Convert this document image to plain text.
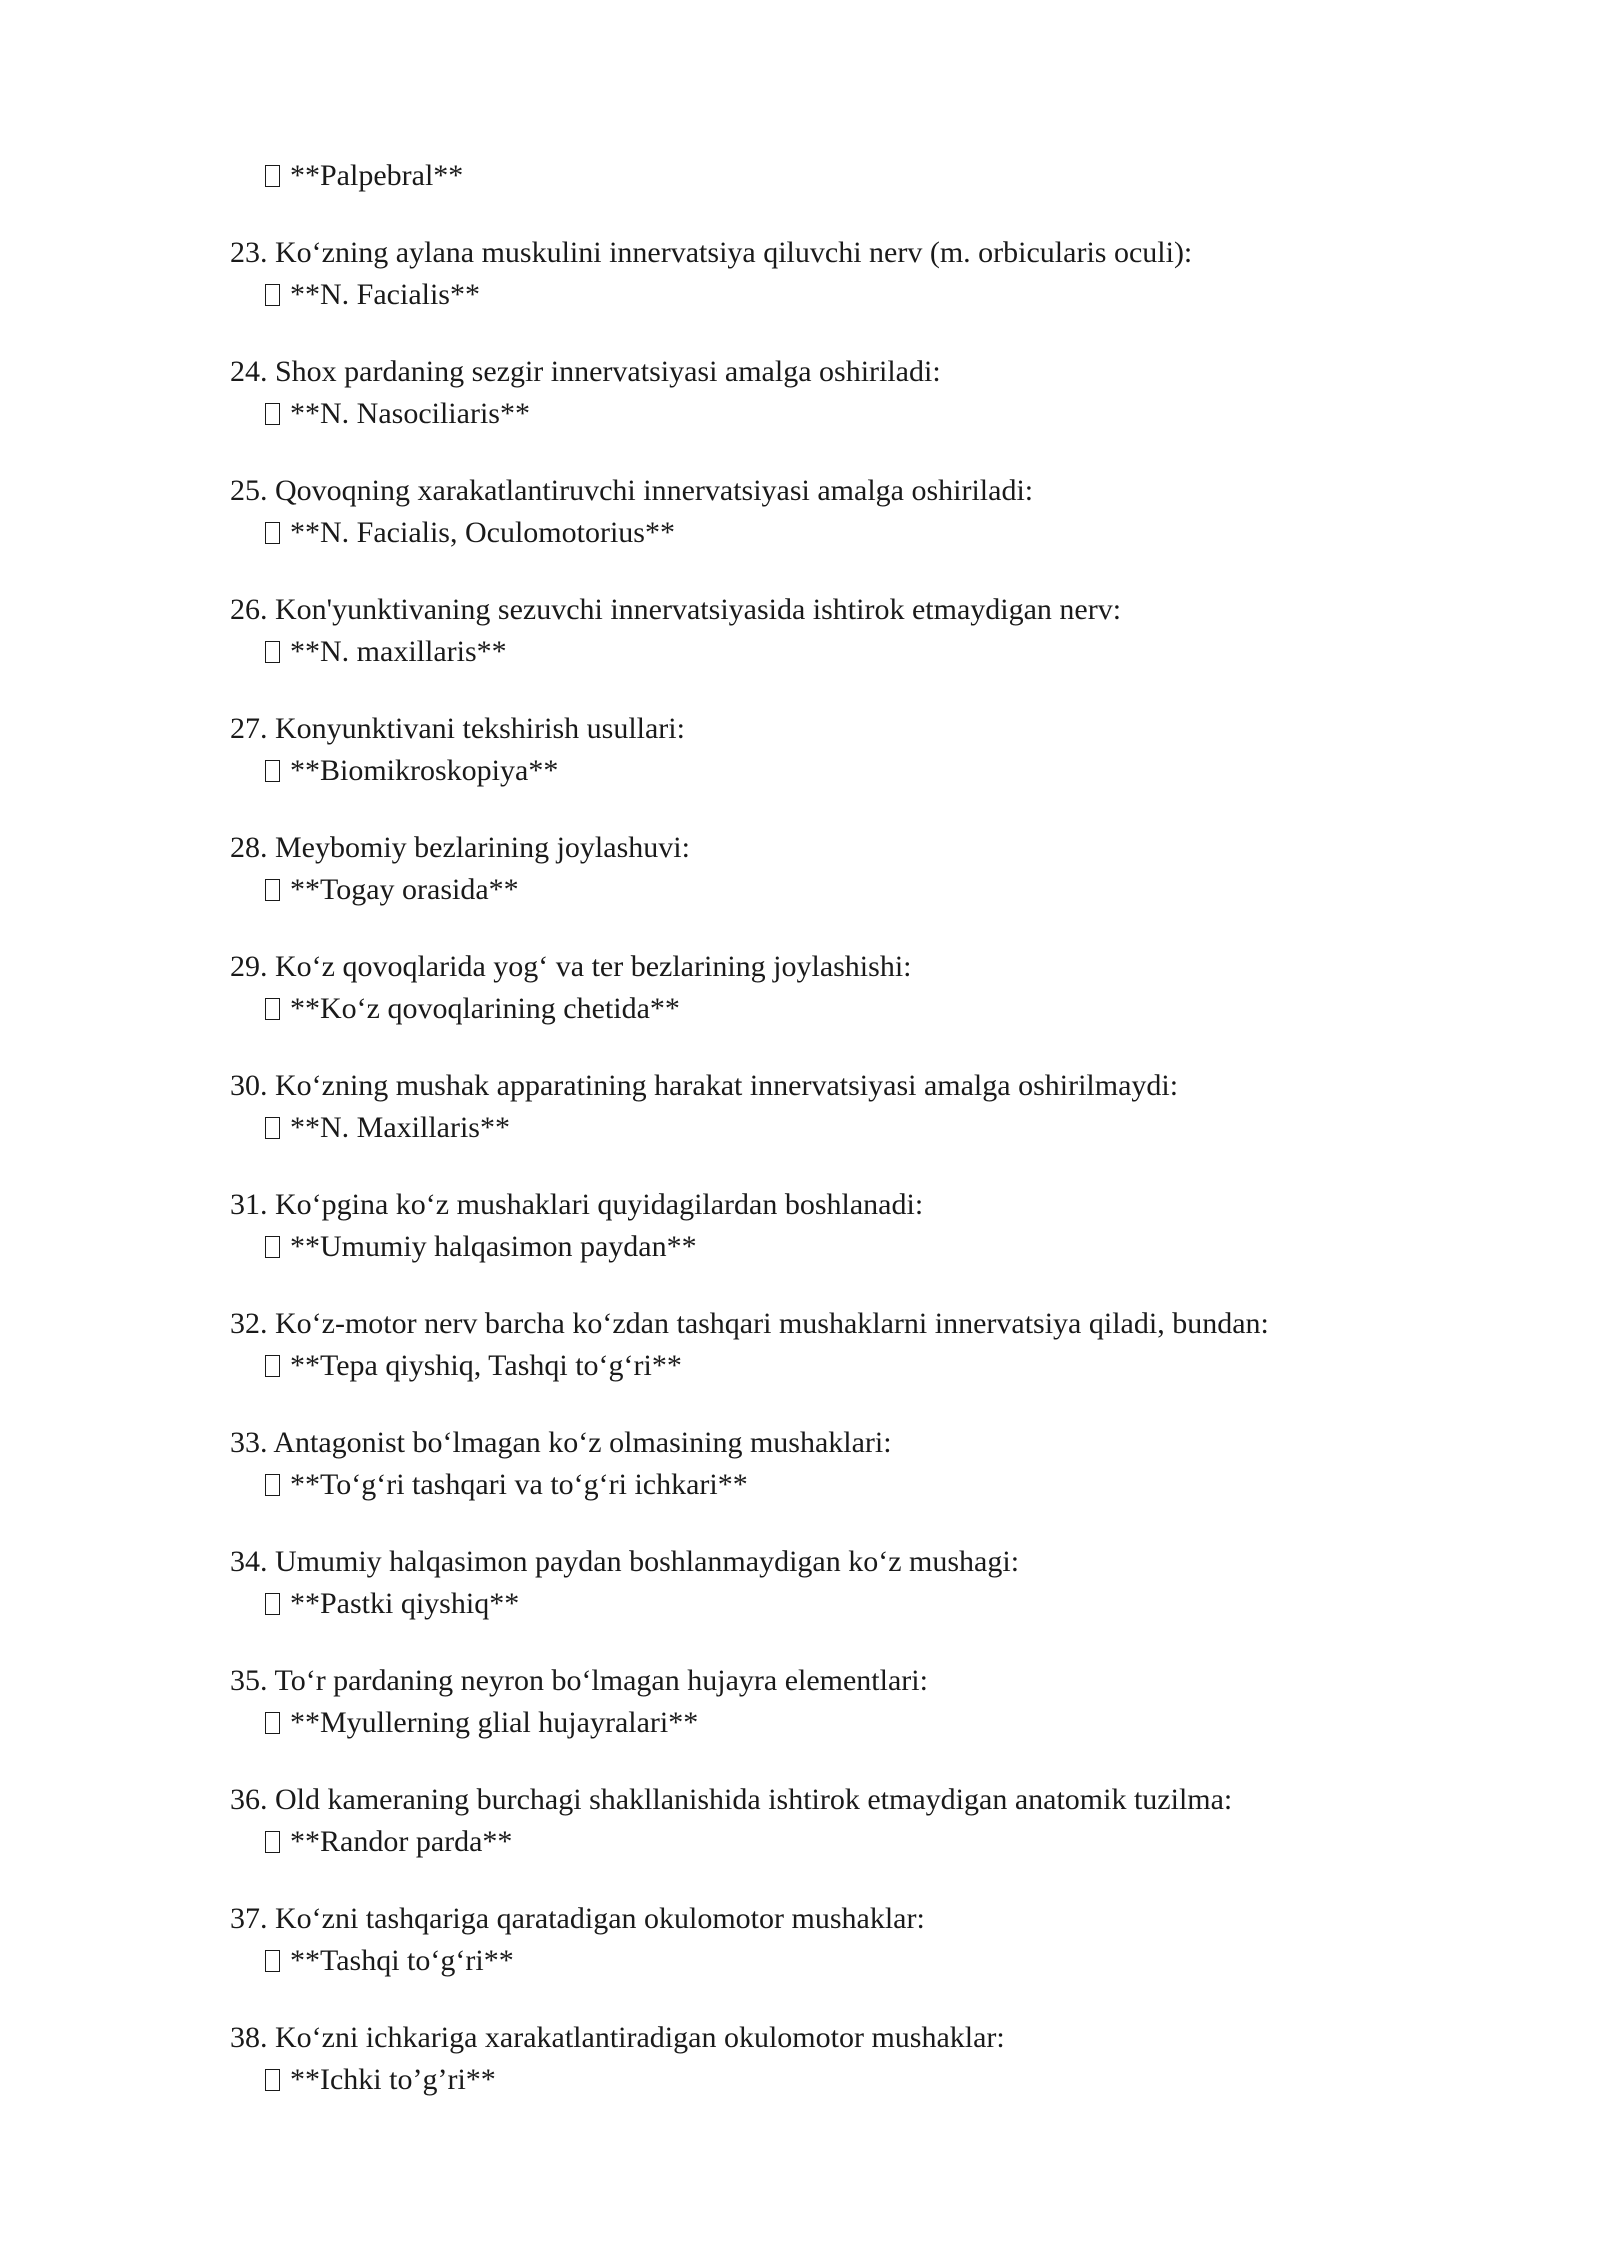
**Palpebral**
23. Ko‘zning aylana muskulini innervatsiya qiluvchi nerv (m. orbicularis oculi):
**N. Facialis**
24. Shox pardaning sezgir innervatsiyasi amalga oshiriladi:
**N. Nasociliaris**
25. Qovoqning xarakatlantiruvchi innervatsiyasi amalga oshiriladi:
**N. Facialis, Oculomotorius**
26. Kon'yunktivaning sezuvchi innervatsiyasida ishtirok etmaydigan nerv:
**N. maxillaris**
27. Konyunktivani tekshirish usullari:
**Biomikroskopiya**
28. Meybomiy bezlarining joylashuvi:
**Togay orasida**
29. Ko‘z qovoqlarida yog‘ va ter bezlarining joylashishi:
**Ko‘z qovoqlarining chetida**
30. Ko‘zning mushak apparatining harakat innervatsiyasi amalga oshirilmaydi:
**N. Maxillaris**
31. Ko‘pgina ko‘z mushaklari quyidagilardan boshlanadi:
**Umumiy halqasimon paydan**
32. Ko‘z-motor nerv barcha ko‘zdan tashqari mushaklarni innervatsiya qiladi, bundan:
**Tepa qiyshiq, Tashqi to‘g‘ri**
33. Antagonist bo‘lmagan ko‘z olmasining mushaklari:
**To‘g‘ri tashqari va to‘g‘ri ichkari**
34. Umumiy halqasimon paydan boshlanmaydigan ko‘z mushagi:
**Pastki qiyshiq**
35. To‘r pardaning neyron bo‘lmagan hujayra elementlari:
**Myullerning glial hujayralari**
36. Old kameraning burchagi shakllanishida ishtirok etmaydigan anatomik tuzilma:
**Randor parda**
37. Ko‘zni tashqariga qaratadigan okulomotor mushaklar:
**Tashqi to‘g‘ri**
38. Ko‘zni ichkariga xarakatlantiradigan okulomotor mushaklar:
**Ichki to’g’ri**
